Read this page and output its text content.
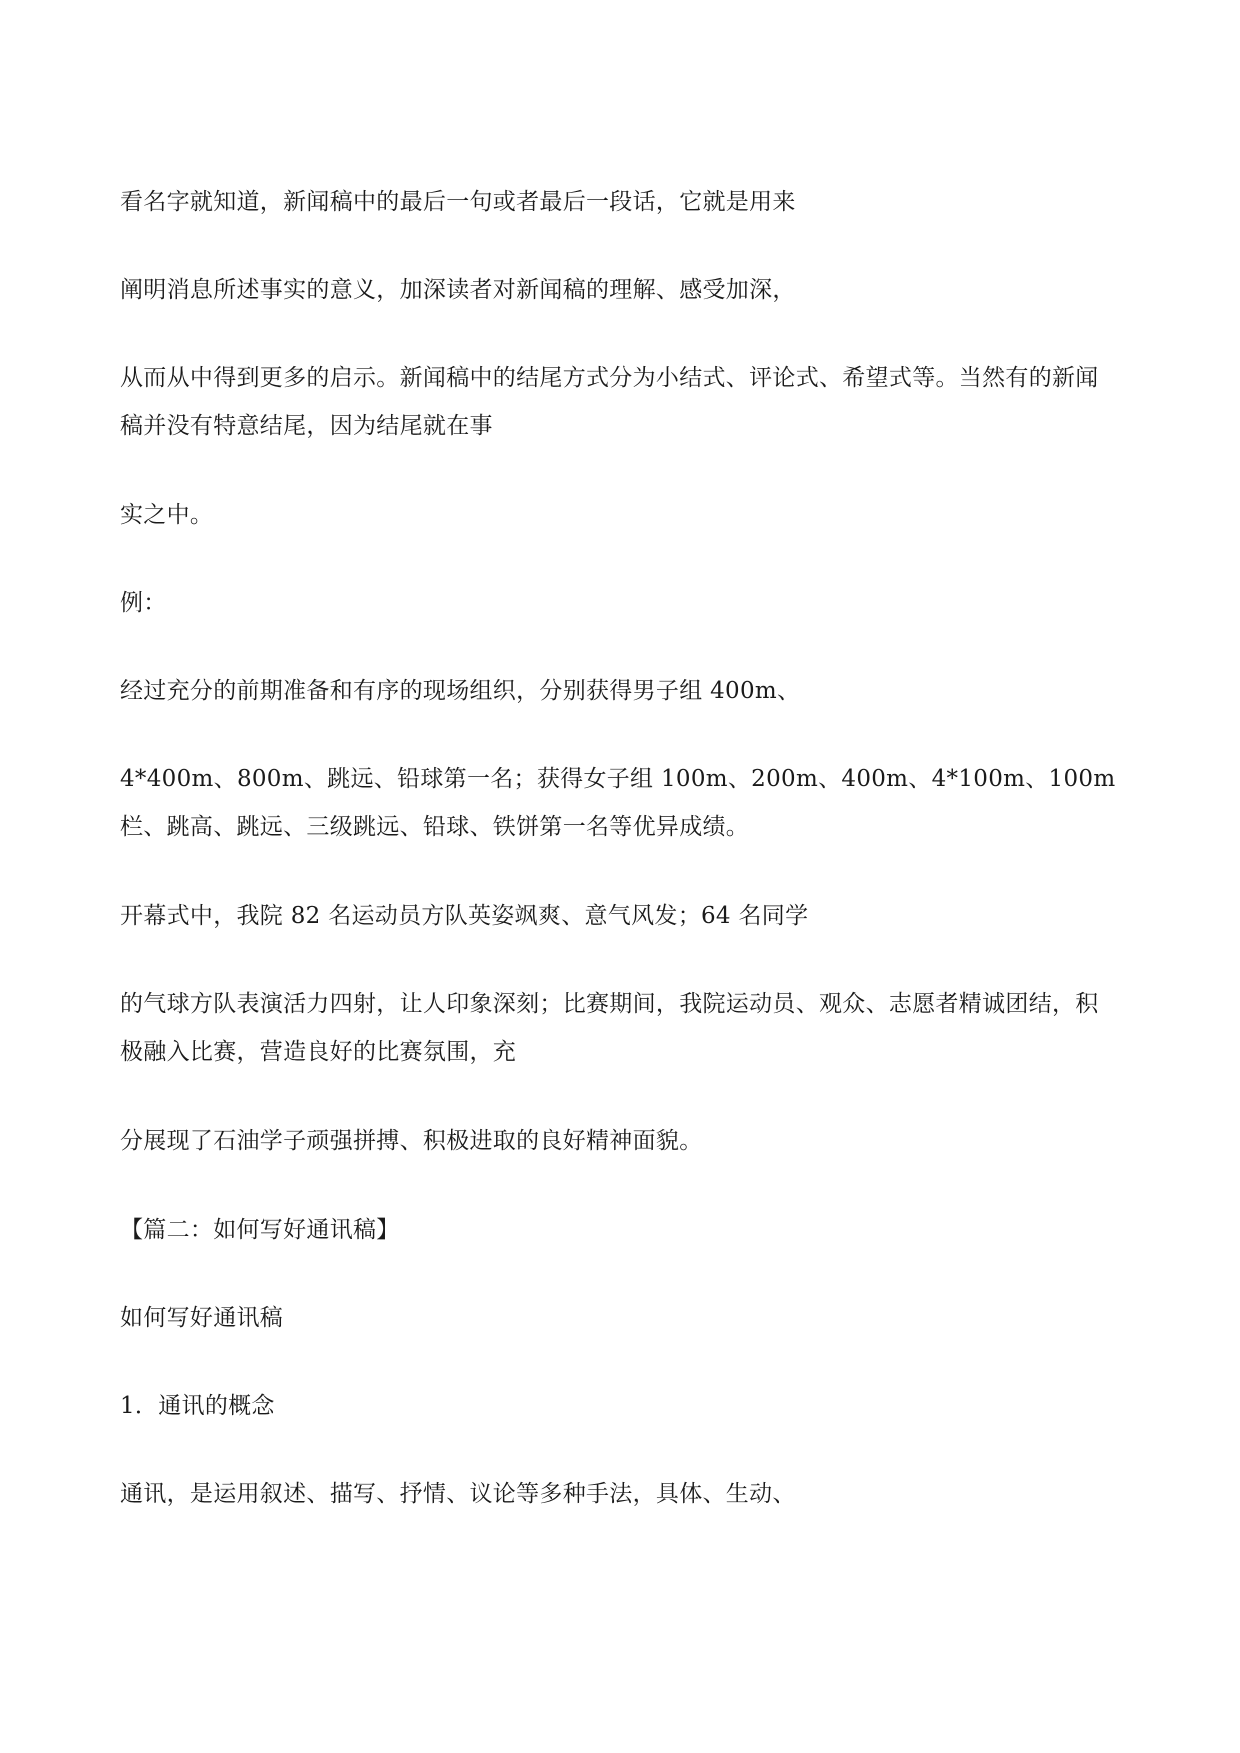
看名字就知道，新闻稿中的最后一句或者最后一段话，它就是用来

阐明消息所述事实的意义，加深读者对新闻稿的理解、感受加深，

从而从中得到更多的启示。新闻稿中的结尾方式分为小结式、评论式、希望式等。当然有的新闻稿并没有特意结尾，因为结尾就在事

实之中。

例：

经过充分的前期准备和有序的现场组织，分别获得男子组 400m、

4*400m、800m、跳远、铅球第一名；获得女子组 100m、200m、400m、4*100m、100m 栏、跳高、跳远、三级跳远、铅球、铁饼第一名等优异成绩。

开幕式中，我院 82 名运动员方队英姿飒爽、意气风发；64 名同学

的气球方队表演活力四射，让人印象深刻；比赛期间，我院运动员、观众、志愿者精诚团结，积极融入比赛，营造良好的比赛氛围，充

分展现了石油学子顽强拼搏、积极进取的良好精神面貌。

【篇二：如何写好通讯稿】

如何写好通讯稿

1．通讯的概念

通讯，是运用叙述、描写、抒情、议论等多种手法，具体、生动、
